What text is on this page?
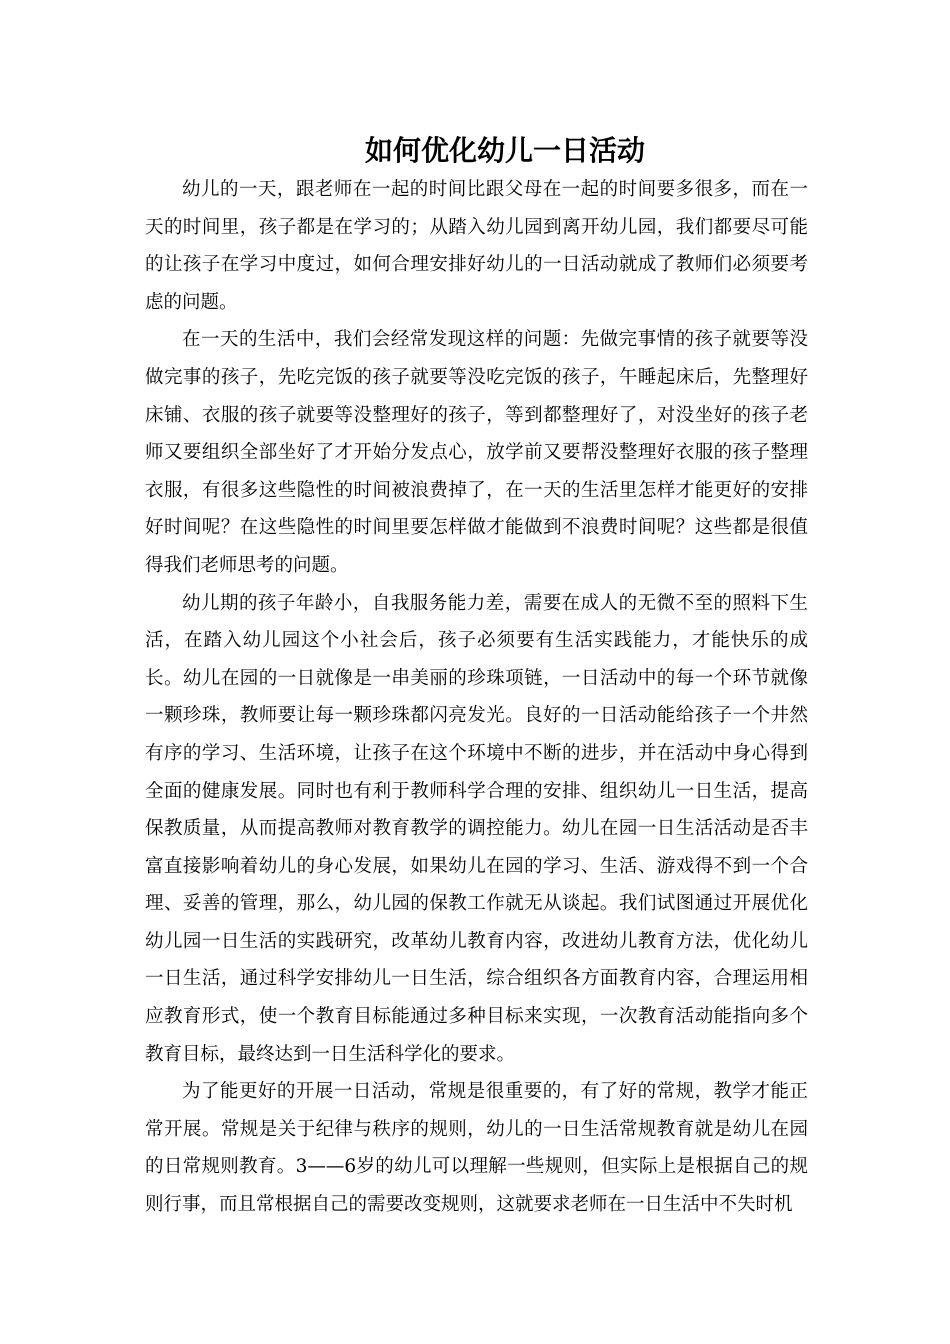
如何优化幼儿一日活动

幼儿的一天，跟老师在一起的时间比跟父母在一起的时间要多很多，而在一天的时间里，孩子都是在学习的；从踏入幼儿园到离开幼儿园，我们都要尽可能的让孩子在学习中度过，如何合理安排好幼儿的一日活动就成了教师们必须要考虑的问题。

在一天的生活中，我们会经常发现这样的问题：先做完事情的孩子就要等没做完事的孩子，先吃完饭的孩子就要等没吃完饭的孩子，午睡起床后，先整理好床铺、衣服的孩子就要等没整理好的孩子，等到都整理好了，对没坐好的孩子老师又要组织全部坐好了才开始分发点心，放学前又要帮没整理好衣服的孩子整理衣服，有很多这些隐性的时间被浪费掉了，在一天的生活里怎样才能更好的安排好时间呢？在这些隐性的时间里要怎样做才能做到不浪费时间呢？这些都是很值得我们老师思考的问题。

幼儿期的孩子年龄小，自我服务能力差，需要在成人的无微不至的照料下生活，在踏入幼儿园这个小社会后，孩子必须要有生活实践能力，才能快乐的成长。幼儿在园的一日就像是一串美丽的珍珠项链，一日活动中的每一个环节就像一颗珍珠，教师要让每一颗珍珠都闪亮发光。良好的一日活动能给孩子一个井然有序的学习、生活环境，让孩子在这个环境中不断的进步，并在活动中身心得到全面的健康发展。同时也有利于教师科学合理的安排、组织幼儿一日生活，提高保教质量，从而提高教师对教育教学的调控能力。幼儿在园一日生活活动是否丰富直接影响着幼儿的身心发展，如果幼儿在园的学习、生活、游戏得不到一个合理、妥善的管理，那么，幼儿园的保教工作就无从谈起。我们试图通过开展优化幼儿园一日生活的实践研究，改革幼儿教育内容，改进幼儿教育方法，优化幼儿一日生活，通过科学安排幼儿一日生活，综合组织各方面教育内容，合理运用相应教育形式，使一个教育目标能通过多种目标来实现，一次教育活动能指向多个教育目标，最终达到一日生活科学化的要求。

为了能更好的开展一日活动，常规是很重要的，有了好的常规，教学才能正常开展。常规是关于纪律与秩序的规则，幼儿的一日生活常规教育就是幼儿在园的日常规则教育。3——6岁的幼儿可以理解一些规则，但实际上是根据自己的规则行事，而且常根据自己的需要改变规则，这就要求老师在一日生活中不失时机
